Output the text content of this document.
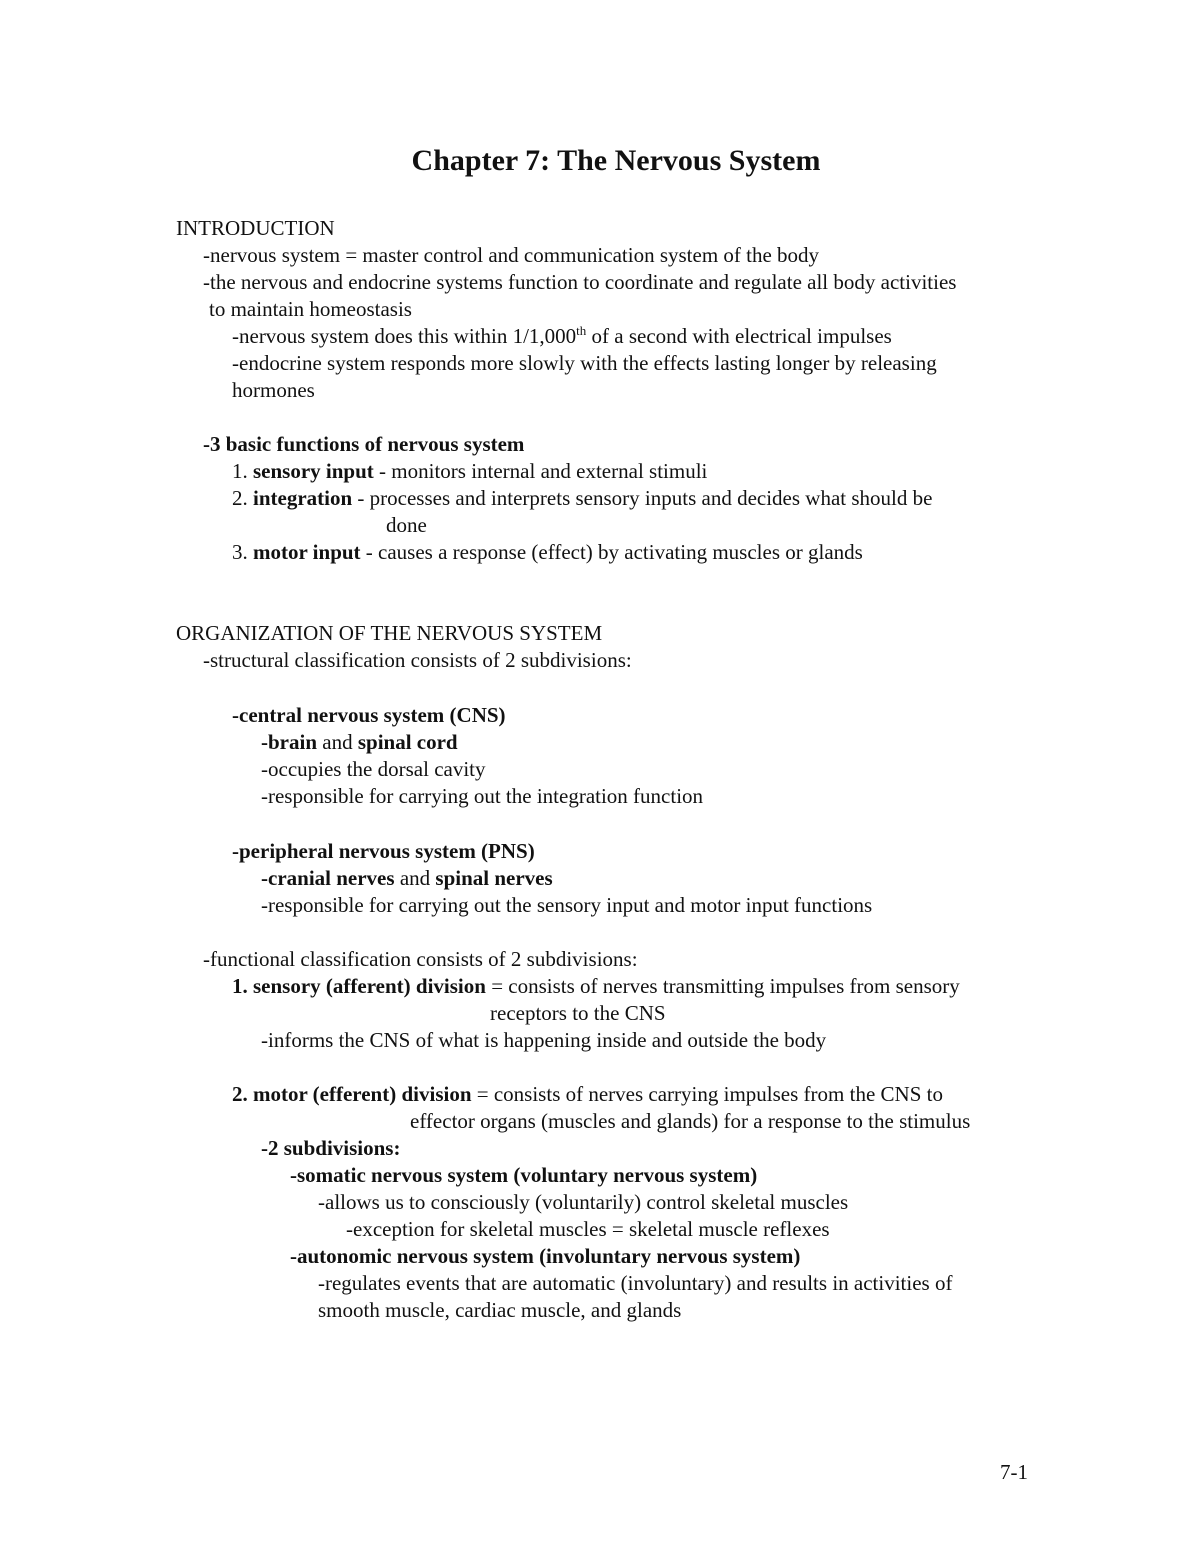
Chapter 7: The Nervous System
INTRODUCTION
-nervous system = master control and communication system of the body
-the nervous and endocrine systems function to coordinate and regulate all body activities
to maintain homeostasis
-nervous system does this within 1/1,000th of a second with electrical impulses
-endocrine system responds more slowly with the effects lasting longer by releasing
hormones
-3 basic functions of nervous system
1. sensory input - monitors internal and external stimuli
2. integration - processes and interprets sensory inputs and decides what should be
done
3. motor input - causes a response (effect) by activating muscles or glands
ORGANIZATION OF THE NERVOUS SYSTEM
-structural classification consists of 2 subdivisions:
-central nervous system (CNS)
-brain and spinal cord
-occupies the dorsal cavity
-responsible for carrying out the integration function
-peripheral nervous system (PNS)
-cranial nerves and spinal nerves
-responsible for carrying out the sensory input and motor input functions
-functional classification consists of 2 subdivisions:
1. sensory (afferent) division = consists of nerves transmitting impulses from sensory
receptors to the CNS
-informs the CNS of what is happening inside and outside the body
2. motor (efferent) division = consists of nerves carrying impulses from the CNS to
effector organs (muscles and glands) for a response to the stimulus
-2 subdivisions:
-somatic nervous system (voluntary nervous system)
-allows us to consciously (voluntarily) control skeletal muscles
-exception for skeletal muscles = skeletal muscle reflexes
-autonomic nervous system (involuntary nervous system)
-regulates events that are automatic (involuntary) and results in activities of
smooth muscle, cardiac muscle, and glands
7-1
